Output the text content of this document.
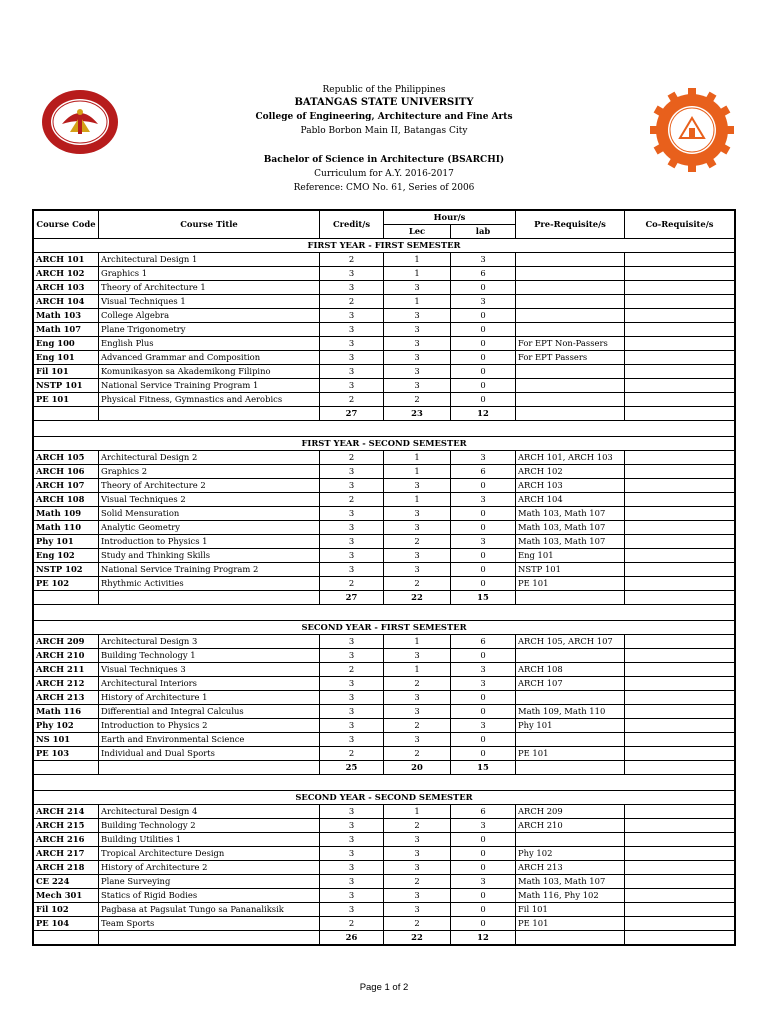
Republic of the Philippines
BATANGAS STATE UNIVERSITY
College of Engineering, Architecture and Fine Arts
Pablo Borbon Main II, Batangas City
Bachelor of Science in Architecture (BSARCHI)
Curriculum for A.Y. 2016-2017
Reference: CMO No. 61, Series of 2006
Course Code	Course Title	Credit/s	Hour/s		Pre-Requisite/s	Co-Requisite/s
			Lec	lab		
FIRST YEAR - FIRST SEMESTER						
ARCH 101	Architectural Design 1	2	1	3		
ARCH 102	Graphics 1	3	1	6		
ARCH 103	Theory of Architecture 1	3	3	0		
ARCH 104	Visual Techniques 1	2	1	3		
Math 103	College Algebra	3	3	0		
Math 107	Plane Trigonometry	3	3	0		
Eng 100	English Plus	3	3	0	For EPT Non-Passers	
Eng 101	Advanced Grammar and Composition	3	3	0	For EPT Passers	
Fil 101	Komunikasyon sa Akademikong Filipino	3	3	0		
NSTP 101	National Service Training Program 1	3	3	0		
PE 101	Physical Fitness, Gymnastics and Aerobics	2	2	0		
		27	23	12		

FIRST YEAR - SECOND SEMESTER						
ARCH 105	Architectural Design 2	2	1	3	ARCH 101, ARCH 103	
ARCH 106	Graphics 2	3	1	6	ARCH 102	
ARCH 107	Theory of Architecture 2	3	3	0	ARCH 103	
ARCH 108	Visual Techniques 2	2	1	3	ARCH 104	
Math 109	Solid Mensuration	3	3	0	Math 103, Math 107	
Math 110	Analytic Geometry	3	3	0	Math 103, Math 107	
Phy 101	Introduction to Physics 1	3	2	3	Math 103, Math 107	
Eng 102	Study and Thinking Skills	3	3	0	Eng 101	
NSTP 102	National Service Training Program 2	3	3	0	NSTP 101	
PE 102	Rhythmic Activities	2	2	0	PE 101	
		27	22	15		

SECOND YEAR - FIRST SEMESTER						
ARCH 209	Architectural Design 3	3	1	6	ARCH 105, ARCH 107	
ARCH 210	Building Technology 1	3	3	0		
ARCH 211	Visual Techniques 3	2	1	3	ARCH 108	
ARCH 212	Architectural Interiors	3	2	3	ARCH 107	
ARCH 213	History of Architecture 1	3	3	0		
Math 116	Differential and Integral Calculus	3	3	0	Math 109, Math 110	
Phy 102	Introduction to Physics 2	3	2	3	Phy 101	
NS 101	Earth and Environmental Science	3	3	0		
PE 103	Individual and Dual Sports	2	2	0	PE 101	
		25	20	15		

SECOND YEAR - SECOND SEMESTER						
ARCH 214	Architectural Design 4	3	1	6	ARCH 209	
ARCH 215	Building Technology 2	3	2	3	ARCH 210	
ARCH 216	Building Utilities 1	3	3	0		
ARCH 217	Tropical Architecture Design	3	3	0	Phy 102	
ARCH 218	History of Architecture 2	3	3	0	ARCH 213	
CE 224	Plane Surveying	3	2	3	Math 103, Math 107	
Mech 301	Statics of Rigid Bodies	3	3	0	Math 116, Phy 102	
Fil 102	Pagbasa at Pagsulat Tungo sa Pananaliksik	3	3	0	Fil 101	
PE 104	Team Sports	2	2	0	PE 101	
		26	22	12		
Page 1 of 2
